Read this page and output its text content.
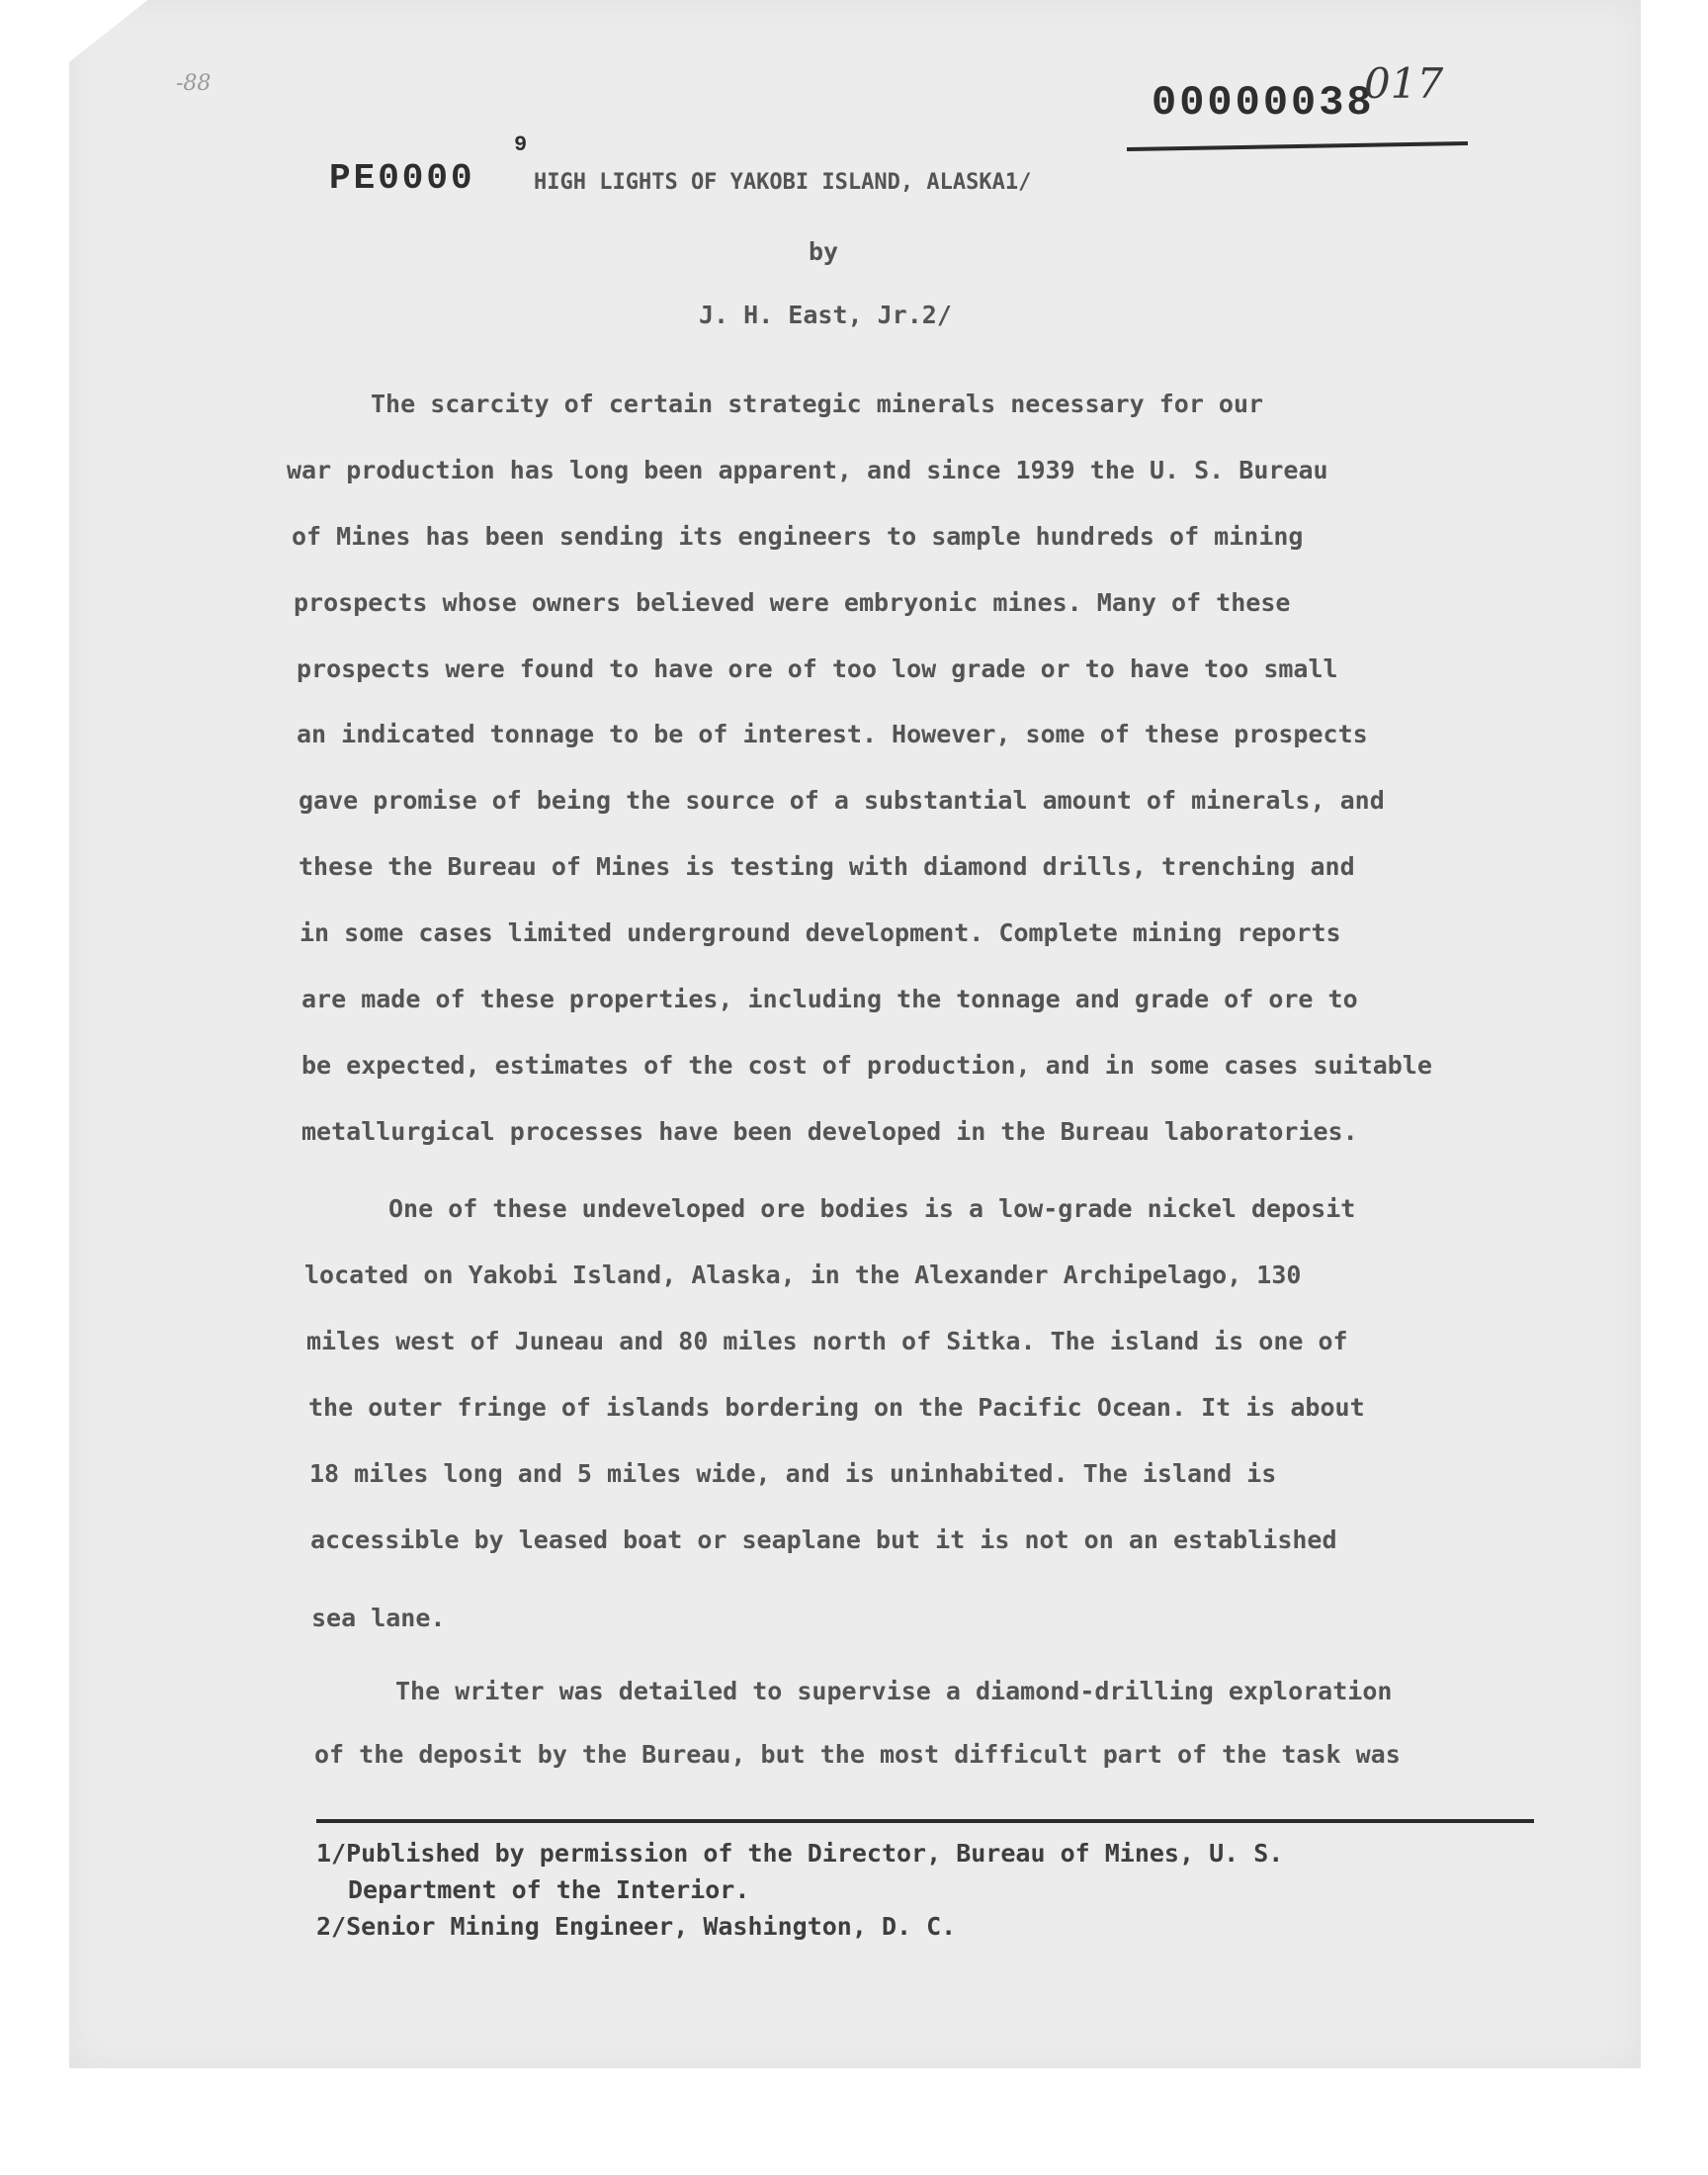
-88	00000038

017

PE0000

9

HIGH LIGHTS OF YAKOBI ISLAND, ALASKA1/

by

J. H. East, Jr.2/

The scarcity of certain strategic minerals necessary for our

war production has long been apparent, and since 1939 the U. S. Bureau

of Mines has been sending its engineers to sample hundreds of mining

prospects whose owners believed were embryonic mines. Many of these

prospects were found to have ore of too low grade or to have too small

an indicated tonnage to be of interest. However, some of these prospects

gave promise of being the source of a substantial amount of minerals, and

these the Bureau of Mines is testing with diamond drills, trenching and

in some cases limited underground development. Complete mining reports

are made of these properties, including the tonnage and grade of ore to

be expected, estimates of the cost of production, and in some cases suitable

metallurgical processes have been developed in the Bureau laboratories.

One of these undeveloped ore bodies is a low-grade nickel deposit

located on Yakobi Island, Alaska, in the Alexander Archipelago, 130

miles west of Juneau and 80 miles north of Sitka. The island is one of

the outer fringe of islands bordering on the Pacific Ocean. It is about

18 miles long and 5 miles wide, and is uninhabited. The island is

accessible by leased boat or seaplane but it is not on an established

sea lane.

The writer was detailed to supervise a diamond-drilling exploration

of the deposit by the Bureau, but the most difficult part of the task was

1/Published by permission of the Director, Bureau of Mines, U. S.

Department of the Interior.

2/Senior Mining Engineer, Washington, D. C.
